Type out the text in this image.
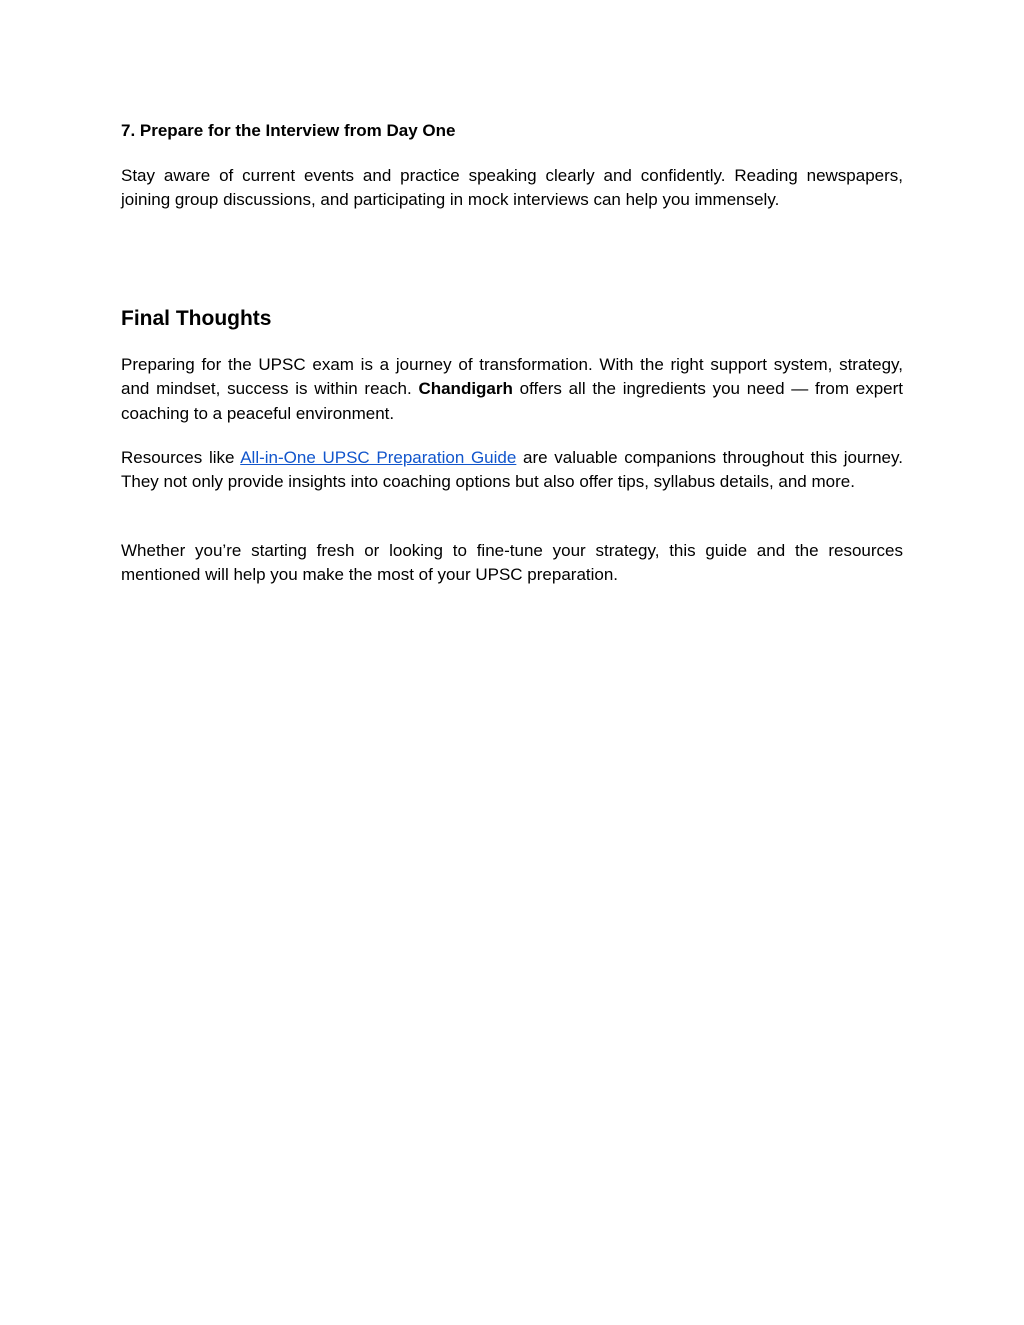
7. Prepare for the Interview from Day One

Stay aware of current events and practice speaking clearly and confidently. Reading newspapers, joining group discussions, and participating in mock interviews can help you immensely.

Final Thoughts

Preparing for the UPSC exam is a journey of transformation. With the right support system, strategy, and mindset, success is within reach. Chandigarh offers all the ingredients you need — from expert coaching to a peaceful environment.

Resources like All-in-One UPSC Preparation Guide are valuable companions throughout this journey. They not only provide insights into coaching options but also offer tips, syllabus details, and more.

Whether you’re starting fresh or looking to fine-tune your strategy, this guide and the resources mentioned will help you make the most of your UPSC preparation.
